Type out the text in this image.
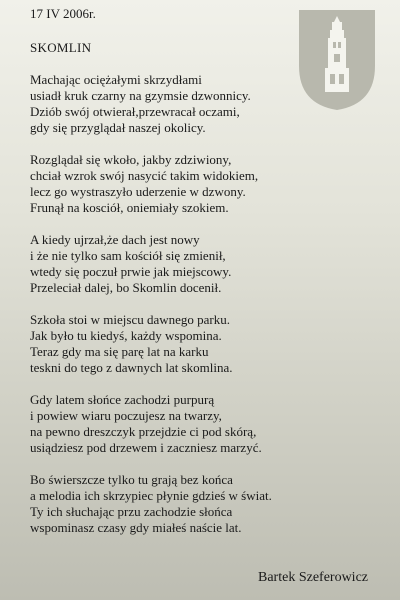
17 IV 2006r.
SKOMLIN
Machając ociężałymi skrzydłami
usiadł kruk czarny na gzymsie dzwonnicy.
Dziób swój otwierał,przewracał oczami,
gdy się przyglądał naszej okolicy.
Rozglądał się wkoło, jakby zdziwiony,
chciał wzrok swój nasycić takim widokiem,
lecz go wystraszyło uderzenie w dzwony.
Frunął na kosciół, oniemiały szokiem.
A kiedy ujrzał,że dach jest nowy
i że nie tylko sam kościół się zmienił,
wtedy się poczuł prwie jak miejscowy.
Przeleciał dalej, bo Skomlin docenił.
Szkoła stoi w miejscu dawnego parku.
Jak było tu kiedyś, każdy wspomina.
Teraz gdy ma się parę lat na karku
teskni do tego z dawnych lat skomlina.
Gdy latem słońce zachodzi purpurą
i powiew wiaru poczujesz na twarzy,
na pewno dreszczyk przejdzie ci pod skórą,
usiądziesz pod drzewem i zaczniesz marzyć.
Bo świerszcze tylko tu grają bez końca
a melodia ich skrzypiec płynie gdzieś w świat.
Ty ich słuchając przu zachodzie słońca
wspominasz czasy gdy miałeś naście lat.
Bartek Szeferowicz
